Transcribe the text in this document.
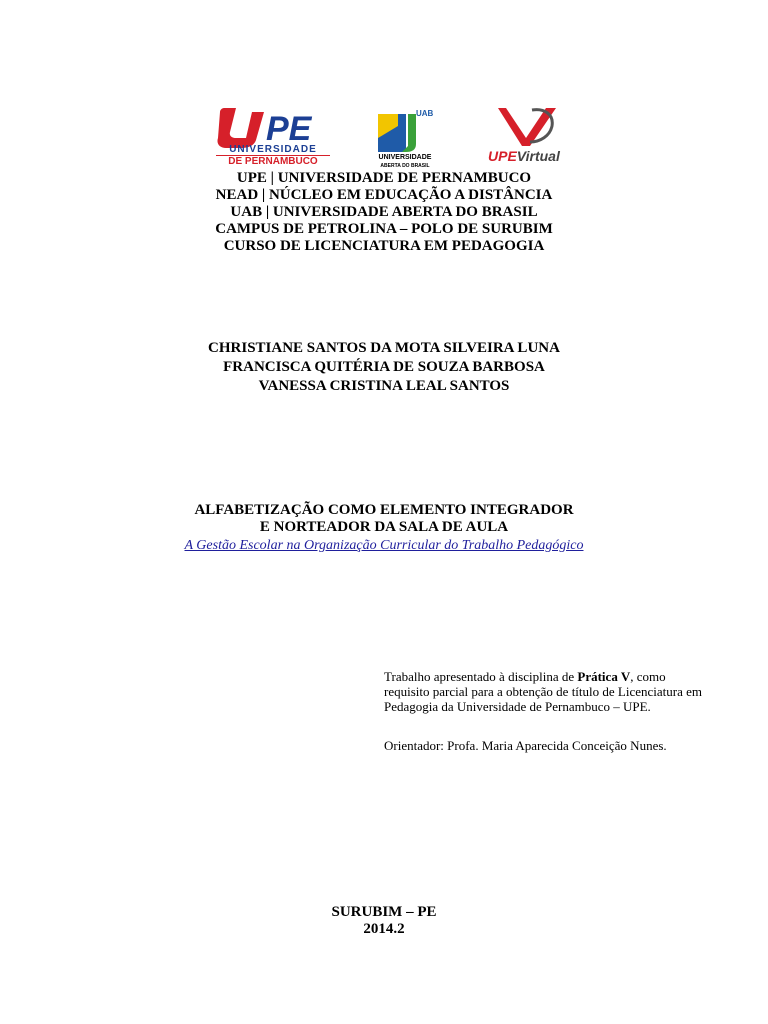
PE
UNIVERSIDADE
DE PERNAMBUCO
UAB
UNIVERSIDADE
ABERTA DO BRASIL
UPEVirtual
UPE | UNIVERSIDADE DE PERNAMBUCO
NEAD | NÚCLEO EM EDUCAÇÃO A DISTÂNCIA
UAB | UNIVERSIDADE ABERTA DO BRASIL
CAMPUS DE PETROLINA – POLO DE SURUBIM
CURSO DE LICENCIATURA EM PEDAGOGIA
CHRISTIANE SANTOS DA MOTA SILVEIRA LUNA
FRANCISCA QUITÉRIA DE SOUZA BARBOSA
VANESSA CRISTINA LEAL SANTOS
ALFABETIZAÇÃO COMO ELEMENTO INTEGRADOR
E NORTEADOR DA SALA DE AULA
A Gestão Escolar na Organização Curricular do Trabalho Pedagógico

Trabalho apresentado à disciplina de Prática V, como requisito parcial para a obtenção de título de Licenciatura em Pedagogia da Universidade de Pernambuco – UPE.

Orientador: Profa. Maria Aparecida Conceição Nunes.
SURUBIM – PE
2014.2
